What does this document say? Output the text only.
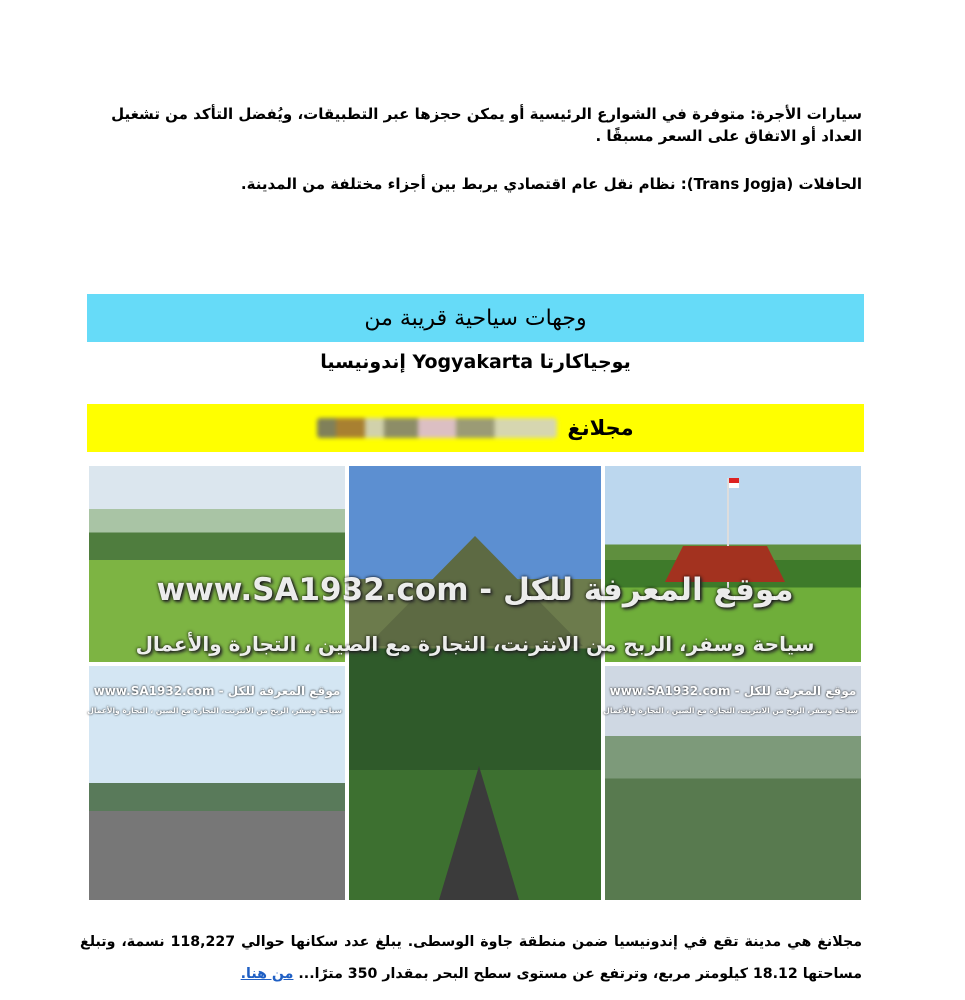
سيارات الأجرة: متوفرة في الشوارع الرئيسية أو يمكن حجزها عبر التطبيقات، ويُفضل التأكد من تشغيل العداد أو الاتفاق على السعر مسبقًا .

الحافلات (Trans Jogja): نظام نقل عام اقتصادي يربط بين أجزاء مختلفة من المدينة.

وجهات سياحية قريبة من
يوجياكارتا Yogyakarta إندونيسيا
مجلانغ
موقع المعرفة للكل - www.SA1932.com
سياحة وسفر، الربح من الانترنت، التجارة مع الصين ، التجارة والأعمال
موقع المعرفة للكل - www.SA1932.com
سياحة وسفر، الربح من الانترنت، التجارة مع الصين ، التجارة والأعمال
موقع المعرفة للكل - www.SA1932.com
سياحة وسفر، الربح من الانترنت، التجارة مع الصين ، التجارة والأعمال

مجلانغ هي مدينة تقع في إندونيسيا ضمن منطقة جاوة الوسطى. يبلغ عدد سكانها حوالي 118,227 نسمة، وتبلغ مساحتها 18.12 كيلومتر مربع، وترتفع عن مستوى سطح البحر بمقدار 350 مترًا... من هنا.
